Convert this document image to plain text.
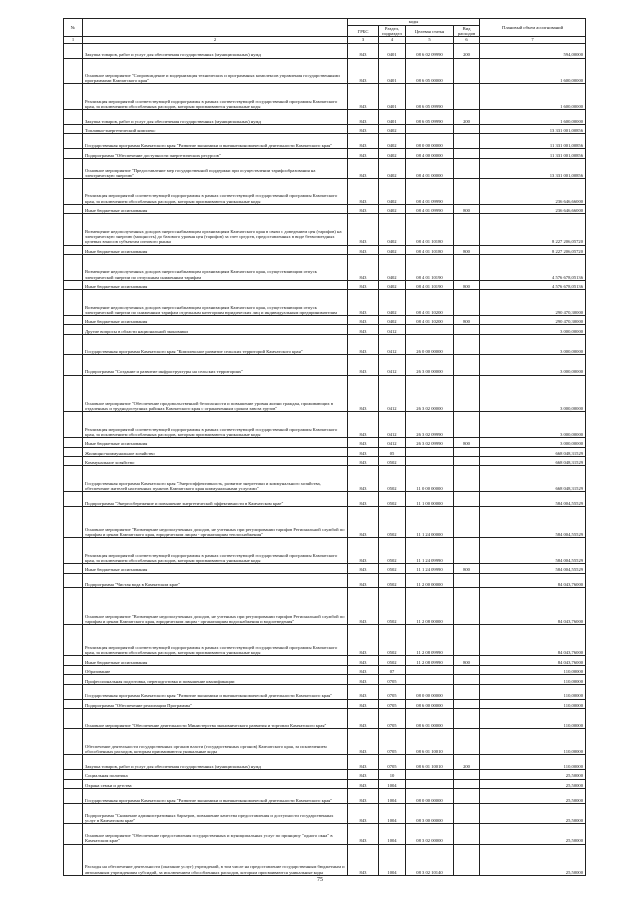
№		коды				Плановый объем ассигнований
		ГРБС	Раздел, подраздел	Целевая статья	Вид расходов	
1	2	3	4	5	6	7
	Закупка товаров, работ и услуг для обеспечения государственных (муниципальных) нужд	843	0401	08 6 02 09990	200	594,00000
	Основное мероприятие "Сопровождение и модернизация технических и программных комплексов управления государственными программами Камчатского края"	843	0401	08 6 05 00000		1 600,00000
	Реализация мероприятий соответствующей подпрограммы в рамках соответствующей государственной программы Камчатского края, за исключением обособленных расходов, которым присваиваются уникальные коды	843	0401	08 6 05 09990		1 600,00000
	Закупка товаров, работ и услуг для обеспечения государственных (муниципальных) нужд	843	0401	08 6 05 09990	200	1 600,00000
	Топливно-энергетический комплекс	843	0402			13 331 001,00856
	Государственная программа Камчатского края "Развитие экономики и внешнеэкономической деятельности Камчатского края"	843	0402	08 0 00 00000		11 331 001,00856
	Подпрограмма "Обеспечение доступности энергетических ресурсов"	843	0402	08 4 00 00000		11 331 001,00856
	Основное мероприятие "Предоставление мер государственной поддержки при осуществлении тарифообразования на электрическую энергию"	843	0402	08 4 01 00000		13 331 001,00856
	Реализация мероприятий соответствующей подпрограммы в рамках соответствующей государственной программы Камчатского края, за исключением обособленных расходов, которым присваиваются уникальные коды	843	0402	08 4 01 09990		236 646,66000
	Иные бюджетные ассигнования	843	0402	08 4 01 09990	800	236 646,66000
	Возмещение недополученных доходов энергоснабжающим организациям Камчатского края в связи с доведением цен (тарифов) на электрическую энергию (мощность) до базового уровня цен (тарифов) за счет средств, предоставленных в виде безвозмездных целевых взносов субъектам оптового рынка	843	0402	08 4 01 10180		8 227 206,05720
	Иные бюджетные ассигнования	843	0402	08 4 01 10180	800	8 227 206,05720
	Возмещение недополученных доходов энергоснабжающим организациям Камчатского края, осуществляющим отпуск электрической энергии по отпускным сниженным тарифам	843	0402	08 4 01 10190		4 576 678,05136
	Иные бюджетные ассигнования	843	0402	08 4 01 10190	800	4 576 678,05136
	Возмещение недополученных доходов энергоснабжающим организациям Камчатского края, осуществляющим отпуск электрической энергии по сниженным тарифам отдельным категориям юридических лиц и индивидуальным предпринимателям	843	0402	08 4 01 10200		290 470,30000
	Иные бюджетные ассигнования	843	0402	08 4 01 10200	800	290 470,30000
	Другие вопросы в области национальной экономики	843	0412			3 000,00000
	Государственная программа Камчатского края "Комплексное развитие сельских территорий Камчатского края"	843	0412	26 0 00 00000		3 000,00000
	Подпрограмма "Создание и развитие инфраструктуры на сельских территориях"	843	0412	26 3 00 00000		3 000,00000
	Основное мероприятие "Обеспечение продовольственной безопасности и повышение уровня жизни граждан, проживающих в отдаленных и труднодоступных районах Камчатского края с ограниченным сроком завоза грузов"	843	0412	26 3 02 00000		3 000,00000
	Реализация мероприятий соответствующей подпрограммы в рамках соответствующей государственной программы Камчатского края, за исключением обособленных расходов, которым присваиваются уникальные коды	843	0412	26 3 02 09990		3 000,00000
	Иные бюджетные ассигнования	843	0412	26 3 02 09990	800	3 000,00000
	Жилищно-коммунальное хозяйство	843	05			668 048,31529
	Коммунальное хозяйство	843	0502			668 048,31529
	Государственная программа Камчатского края "Энергоэффективность, развитие энергетики и коммунального хозяйства, обеспечение жителей населенных пунктов Камчатского края коммунальными услугами"	843	0502	11 0 00 00000		668 048,31529
	Подпрограмма "Энергосбережение и повышение энергетической эффективности в Камчатском крае"	843	0502	11 1 00 00000		584 004,55529
	Основное мероприятие "Возмещение недополученных доходов, не учтенных при регулировании тарифов Региональной службой по тарифам и ценам Камчатского края, юридическим лицам - организациям теплоснабжения"	843	0502	11 1 24 00000		584 004,55529
	Реализация мероприятий соответствующей подпрограммы в рамках соответствующей государственной программы Камчатского края, за исключением обособленных расходов, которым присваиваются уникальные коды	843	0502	11 1 24 09990		584 004,55529
	Иные бюджетные ассигнования	843	0502	11 1 24 09990	800	584 004,55529
	Подпрограмма "Чистая вода в Камчатском крае"	843	0502	11 2 00 00000		84 043,76000
	Основное мероприятие "Возмещение недополученных доходов, не учтенных при регулировании тарифов Региональной службой по тарифам и ценам Камчатского края, юридическим лицам - организациям водоснабжения и водоотведения"	843	0502	11 2 08 00000		84 043,76000
	Реализация мероприятий соответствующей подпрограммы в рамках соответствующей государственной программы Камчатского края, за исключением обособленных расходов, которым присваиваются уникальные коды	843	0502	11 2 08 09990		84 043,76000
	Иные бюджетные ассигнования	843	0502	11 2 08 09990	800	84 043,76000
	Образование	843	07			110,00000
	Профессиональная подготовка, переподготовка и повышение квалификации	843	0705			110,00000
	Государственная программа Камчатского края "Развитие экономики и внешнеэкономической деятельности Камчатского края"	843	0705	08 0 00 00000		110,00000
	Подпрограмма "Обеспечение реализации Программы"	843	0705	08 6 00 00000		110,00000
	Основное мероприятие "Обеспечение деятельности Министерства экономического развития и торговли Камчатского края"	843	0705	08 6 01 00000		110,00000
	Обеспечение деятельности государственных органов власти (государственных органов) Камчатского края, за исключением обособленных расходов, которым присваиваются уникальные коды	843	0705	08 6 01 10010		110,00000
	Закупка товаров, работ и услуг для обеспечения государственных (муниципальных) нужд	843	0705	08 6 01 10010	200	110,00000
	Социальная политика	843	10			25,50000
	Охрана семьи и детства	843	1004			25,50000
	Государственная программа Камчатского края "Развитие экономики и внешнеэкономической деятельности Камчатского края"	843	1004	08 0 00 00000		25,50000
	Подпрограмма "Снижение административных барьеров, повышение качества предоставления и доступности государственных услуг в Камчатском крае"	843	1004	08 3 00 00000		25,50000
	Основное мероприятие "Обеспечение предоставления государственных и муниципальных услуг по принципу "одного окна" в Камчатском крае"	843	1004	08 3 02 00000		25,50000
	Расходы на обеспечение деятельности (оказание услуг) учреждений, в том числе на предоставление государственным бюджетным и автономным учреждениям субсидий, за исключением обособленных расходов, которым присваиваются уникальные коды	843	1004	08 3 02 10140		25,50000
75
